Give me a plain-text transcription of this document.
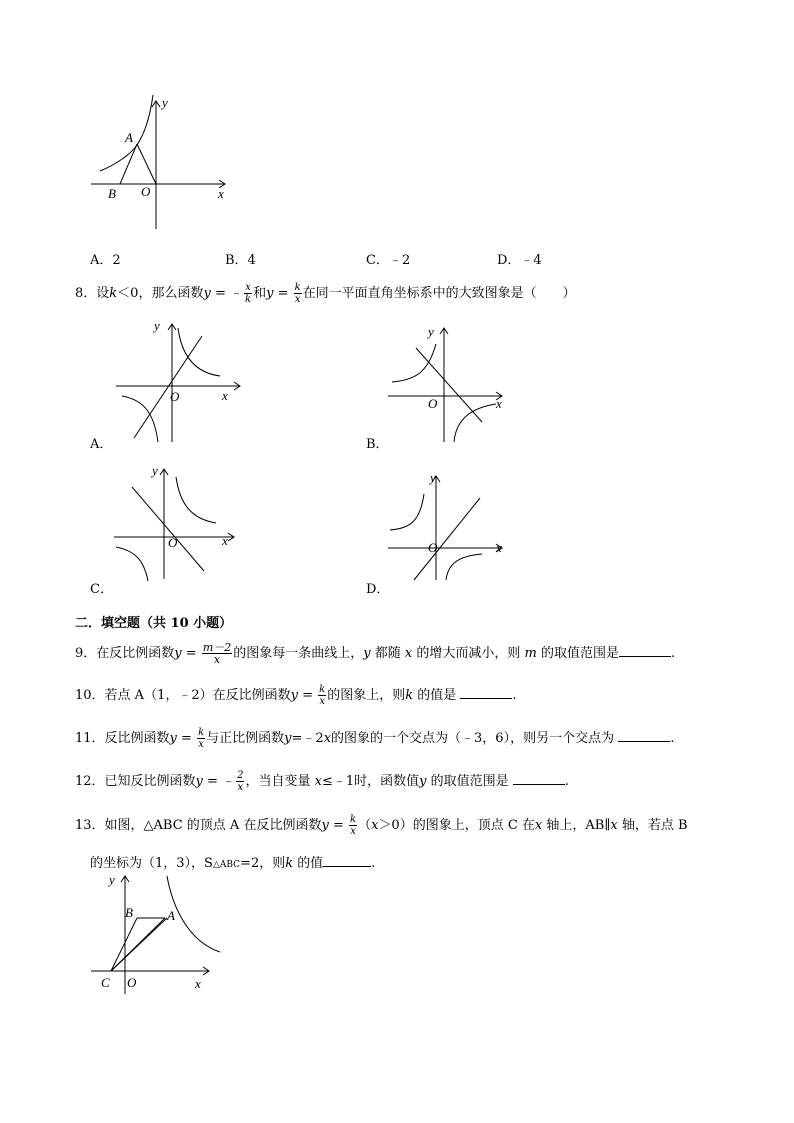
y
x
A
B O
A．2	B．4	C．﹣2	D．﹣4
8．设k＜0，那么函数y = ﹣ $\frac{x}{k}$ 和$y = \frac{k}{x}$ 在同一平面直角坐标系中的大致图象是（　　）
y
x
O
A．
y
x
O
B．
y
x
O
C．
y
x
O
D．
二．填空题（共 10 小题）
9．在反比例函数$y = \frac{m-2}{x}$ 的图象每一条曲线上，y 都随 x 的增大而减小，则 m 的取值范围是	.
10．若点 A（1，﹣2）在反比例函数$y = \frac{k}{x}$ 的图象上，则k 的值是	.
11．反比例函数$y = \frac{k}{x}$ 与正比例函数y=﹣2x的图象的一个交点为（﹣3，6），则另一个交点为	.
12．已知反比例函数y = ﹣ $\frac{2}{x}$ ，当自变量 x≤﹣1时，函数值y 的取值范围是	.
13．如图，△ABC 的顶点 A 在反比例函数$y = \frac{k}{x} (x>0)$的图象上，顶点 C 在x 轴上，AB∥x 轴，若点 B
的坐标为（1，3），S△ABC=2，则k 的值	.
y
x
A
B
C O
